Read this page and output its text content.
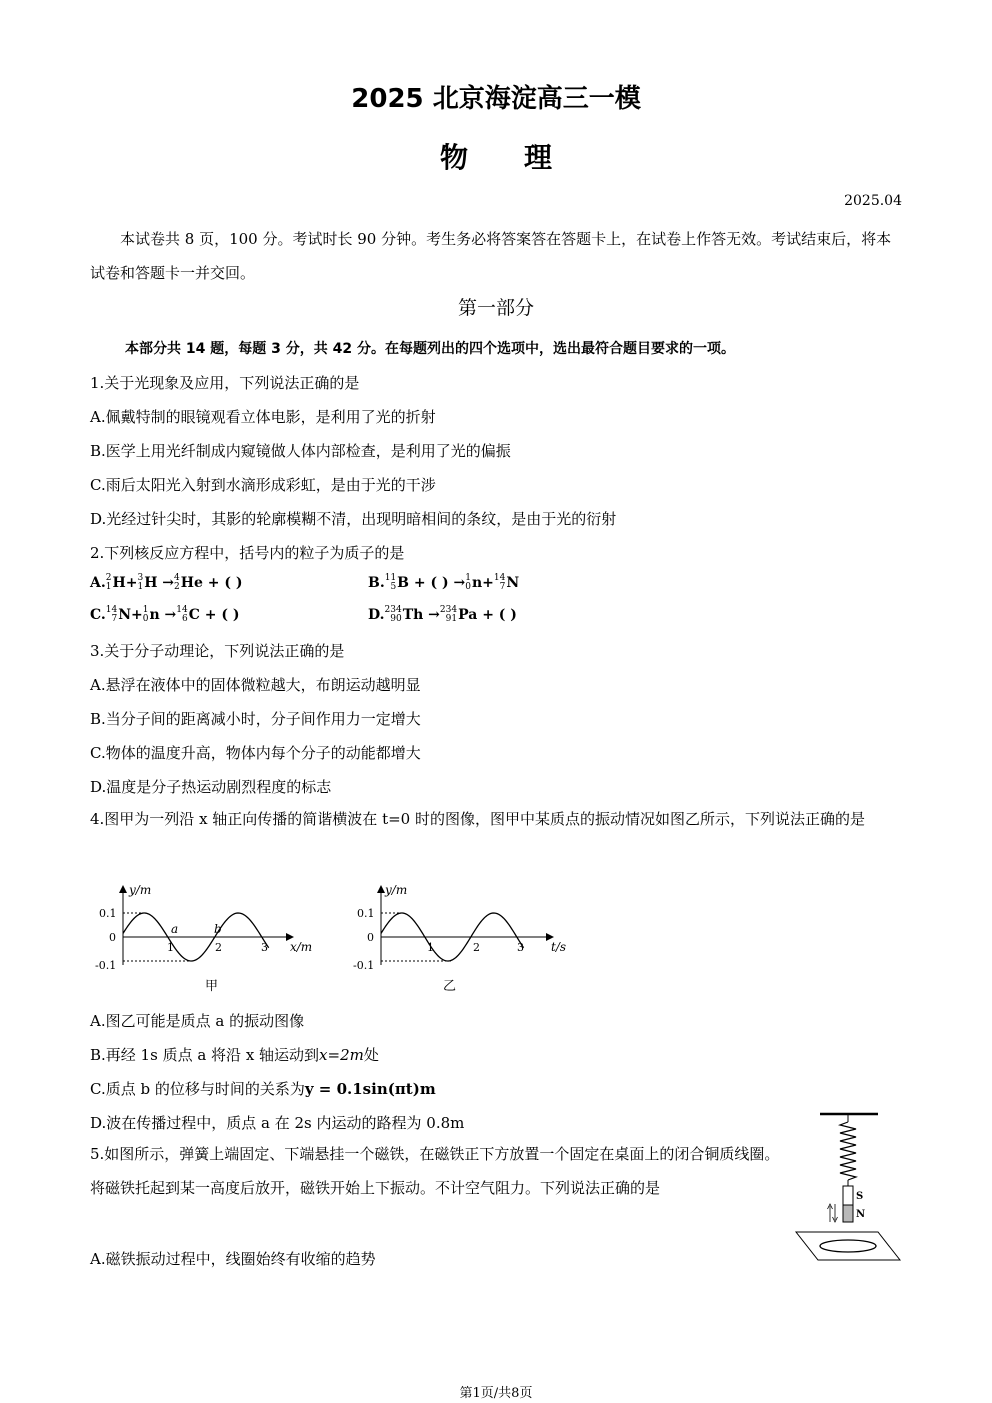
2025 北京海淀高三一模
物　　理
2025.04
本试卷共 8 页，100 分。考试时长 90 分钟。考生务必将答案答在答题卡上，在试卷上作答无效。考试结束后，将本试卷和答题卡一并交回。
第一部分
本部分共 14 题，每题 3 分，共 42 分。在每题列出的四个选项中，选出最符合题目要求的一项。
1.关于光现象及应用，下列说法正确的是
A.佩戴特制的眼镜观看立体电影，是利用了光的折射
B.医学上用光纤制成内窥镜做人体内部检查，是利用了光的偏振
C.雨后太阳光入射到水滴形成彩虹，是由于光的干涉
D.光经过针尖时，其影的轮廓模糊不清，出现明暗相间的条纹，是由于光的衍射
2.下列核反应方程中，括号内的粒子为质子的是
A. 2
1 H+ 3
1 H → 4
2 He + ( )	B. 11
5 B + ( ) → 1
0 n+ 14
7 N
C. 14
7 N+ 1
0 n → 14
6 C + ( )	D. 234
90 Th → 234
91 Pa + ( )
3.关于分子动理论，下列说法正确的是
A.悬浮在液体中的固体微粒越大，布朗运动越明显
B.当分子间的距离减小时，分子间作用力一定增大
C.物体的温度升高，物体内每个分子的动能都增大
D.温度是分子热运动剧烈程度的标志
4.图甲为一列沿 x 轴正向传播的简谐横波在 t=0 时的图像，图甲中某质点的振动情况如图乙所示，下列说法正确的是
y/m
0.1
0
-0.1
1	2	3 x/m
a	b
甲
y/m
0.1
0
-0.1
1	2	3 t/s
乙
A.图乙可能是质点 a 的振动图像
B.再经 1s 质点 a 将沿 x 轴运动到x=2m处
C.质点 b 的位移与时间的关系为y = 0.1sin(πt)m
D.波在传播过程中，质点 a 在 2s 内运动的路程为 0.8m
5.如图所示，弹簧上端固定、下端悬挂一个磁铁，在磁铁正下方放置一个固定在桌面上的闭合铜质线圈。将磁铁托起到某一高度后放开，磁铁开始上下振动。不计空气阻力。下列说法正确的是
A.磁铁振动过程中，线圈始终有收缩的趋势
S
N
第1页/共8页
